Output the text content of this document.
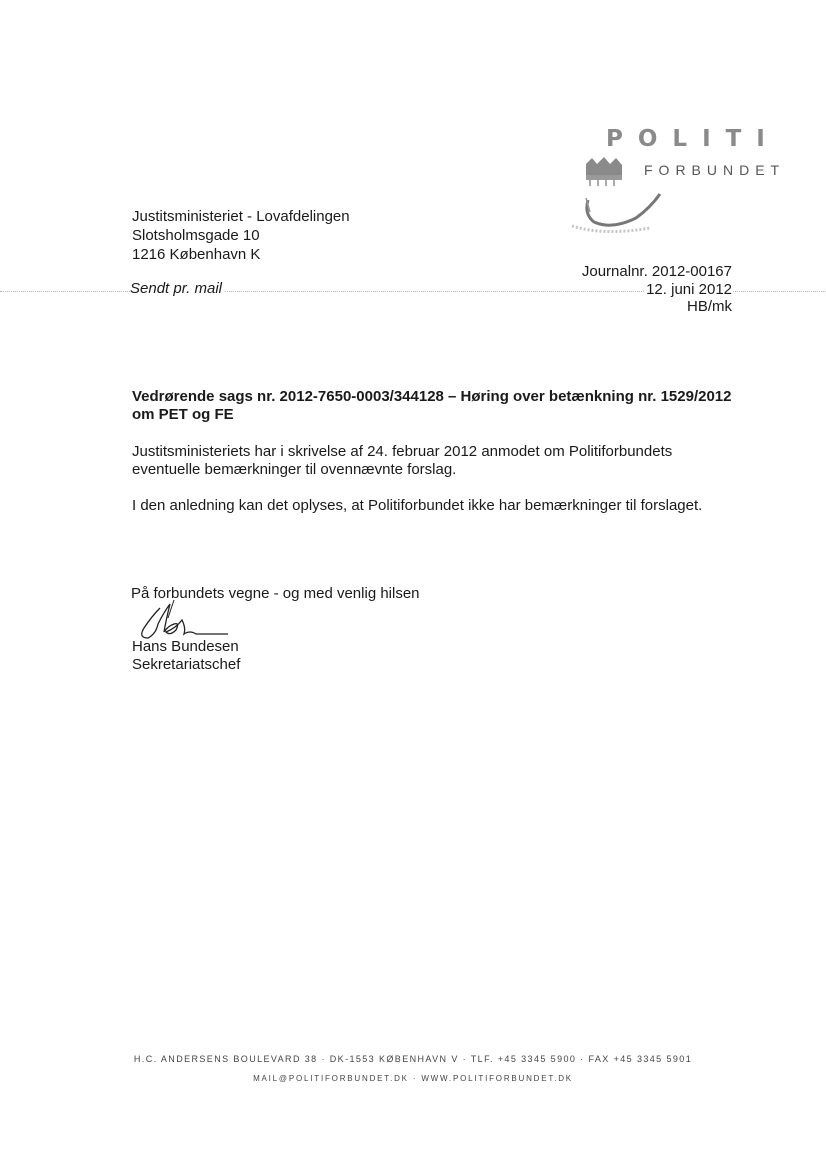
POLITI
FORBUNDET
Justitsministeriet - Lovafdelingen
Slotsholmsgade 10
1216 København K
Sendt pr. mail
Journalnr. 2012-00167
12. juni 2012
HB/mk
Vedrørende sags nr. 2012-7650-0003/344128 – Høring over betænkning nr. 1529/2012 om PET og FE
Justitsministeriets har i skrivelse af 24. februar 2012 anmodet om Politiforbundets eventuelle bemærkninger til ovennævnte forslag.
I den anledning kan det oplyses, at Politiforbundet ikke har bemærkninger til forslaget.
På forbundets vegne - og med venlig hilsen
Hans Bundesen
Sekretariatschef
H.C. ANDERSENS BOULEVARD 38 · DK-1553 KØBENHAVN V · TLF. +45 3345 5900 · FAX +45 3345 5901
MAIL@POLITIFORBUNDET.DK · WWW.POLITIFORBUNDET.DK
